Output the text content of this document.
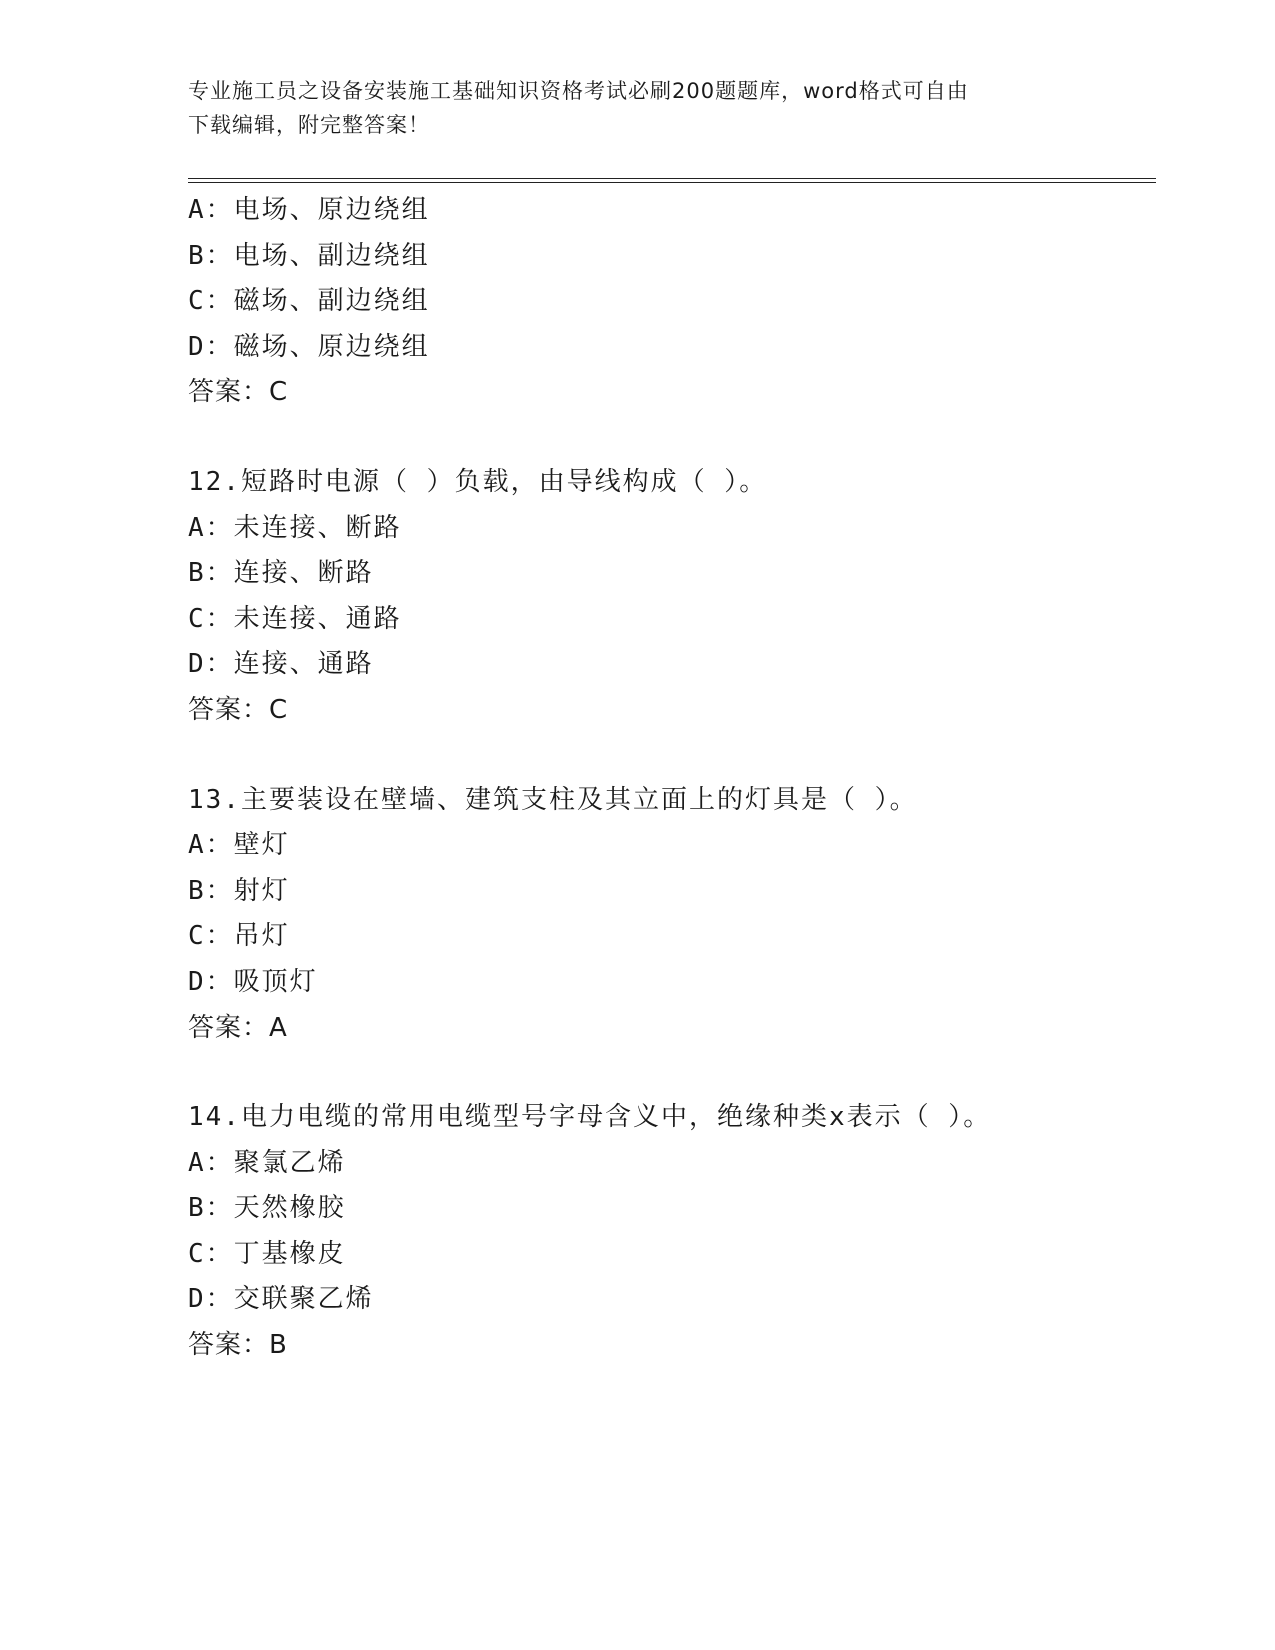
专业施工员之设备安装施工基础知识资格考试必刷200题题库，word格式可自由
下载编辑，附完整答案！
A：电场、原边绕组
B：电场、副边绕组
C：磁场、副边绕组
D：磁场、原边绕组
答案：C
12.短路时电源（ ）负载，由导线构成（ ）。
A：未连接、断路
B：连接、断路
C：未连接、通路
D：连接、通路
答案：C
13.主要装设在壁墙、建筑支柱及其立面上的灯具是（ ）。
A：壁灯
B：射灯
C：吊灯
D：吸顶灯
答案：A
14.电力电缆的常用电缆型号字母含义中，绝缘种类x表示（ ）。
A：聚氯乙烯
B：天然橡胶
C：丁基橡皮
D：交联聚乙烯
答案：B
